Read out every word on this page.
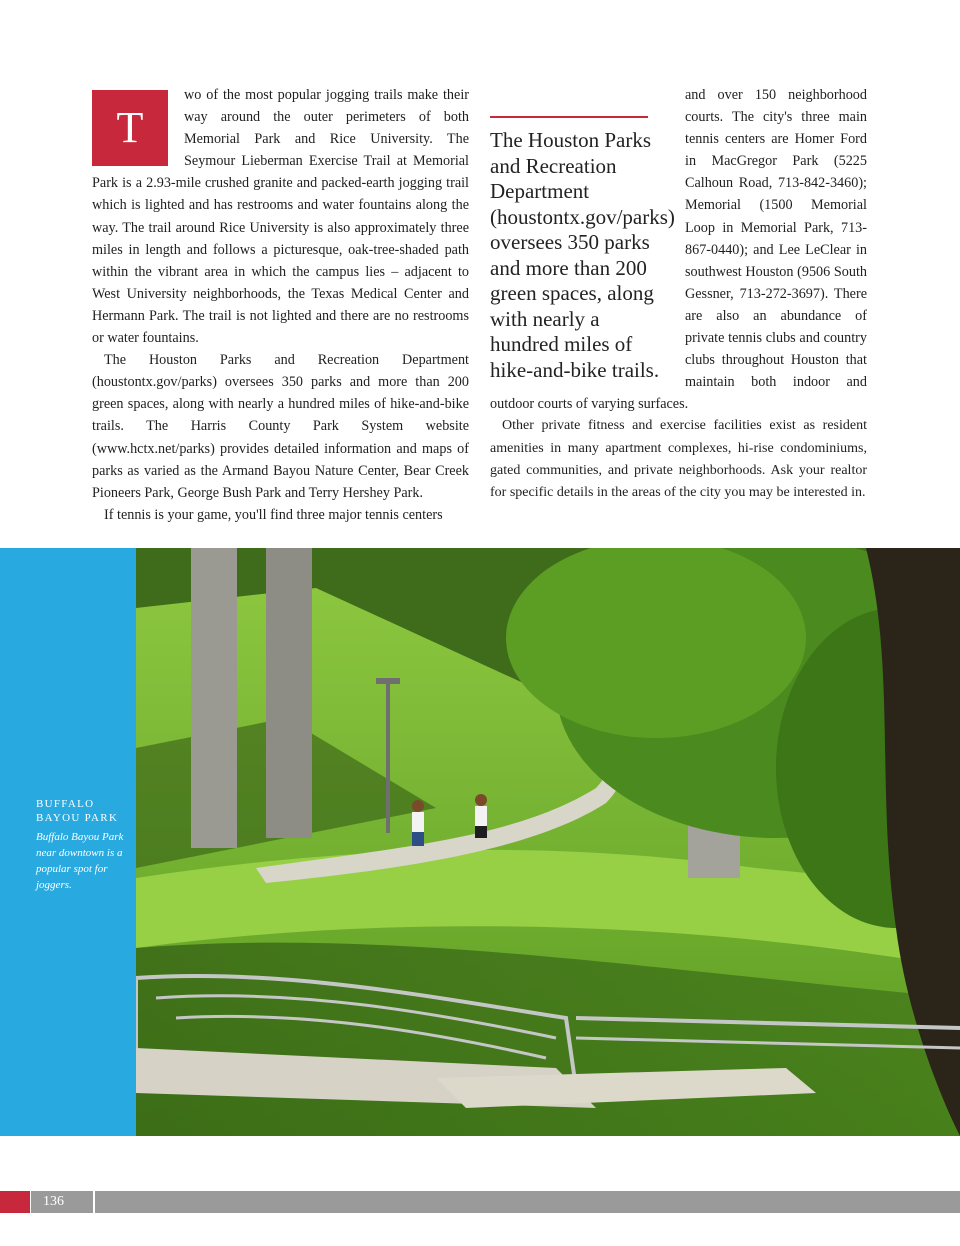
T

wo of the most popular jogging trails make their way around the outer perimeters of both Memorial Park and Rice University. The Seymour Lieberman Exercise Trail at Memorial Park is a 2.93-mile crushed granite and packed-earth jogging trail which is lighted and has restrooms and water fountains along the way. The trail around Rice University is also approximately three miles in length and follows a picturesque, oak-tree-shaded path within the vibrant area in which the campus lies – adjacent to West University neighborhoods, the Texas Medical Center and Hermann Park. The trail is not lighted and there are no restrooms or water fountains.

The Houston Parks and Recreation Department (houstontx.gov/parks) oversees 350 parks and more than 200 green spaces, along with nearly a hundred miles of hike-and-bike trails. The Harris County Park System website (www.hctx.net/parks) provides detailed information and maps of parks as varied as the Armand Bayou Nature Center, Bear Creek Pioneers Park, George Bush Park and Terry Hershey Park.

If tennis is your game, you'll find three major tennis centers

The Houston Parks and Recreation Department (houstontx.gov/parks) oversees 350 parks and more than 200 green spaces, along with nearly a hundred miles of hike-and-bike trails.
and over 150 neighborhood courts. The city's three main tennis centers are Homer Ford in MacGregor Park (5225 Calhoun Road, 713-842-3460); Memorial (1500 Memorial Loop in Memorial Park, 713-867-0440); and Lee LeClear in southwest Houston (9506 South Gessner, 713-272-3697). There are also an abundance of private tennis clubs and country clubs throughout Houston that maintain both indoor and outdoor courts of varying surfaces.

Other private fitness and exercise facilities exist as resident amenities in many apartment complexes, hi-rise condominiums, gated communities, and private neighborhoods. Ask your realtor for specific details in the areas of the city you may be interested in.

BUFFALO BAYOU PARK
Buffalo Bayou Park near downtown is a popular spot for joggers.
136
